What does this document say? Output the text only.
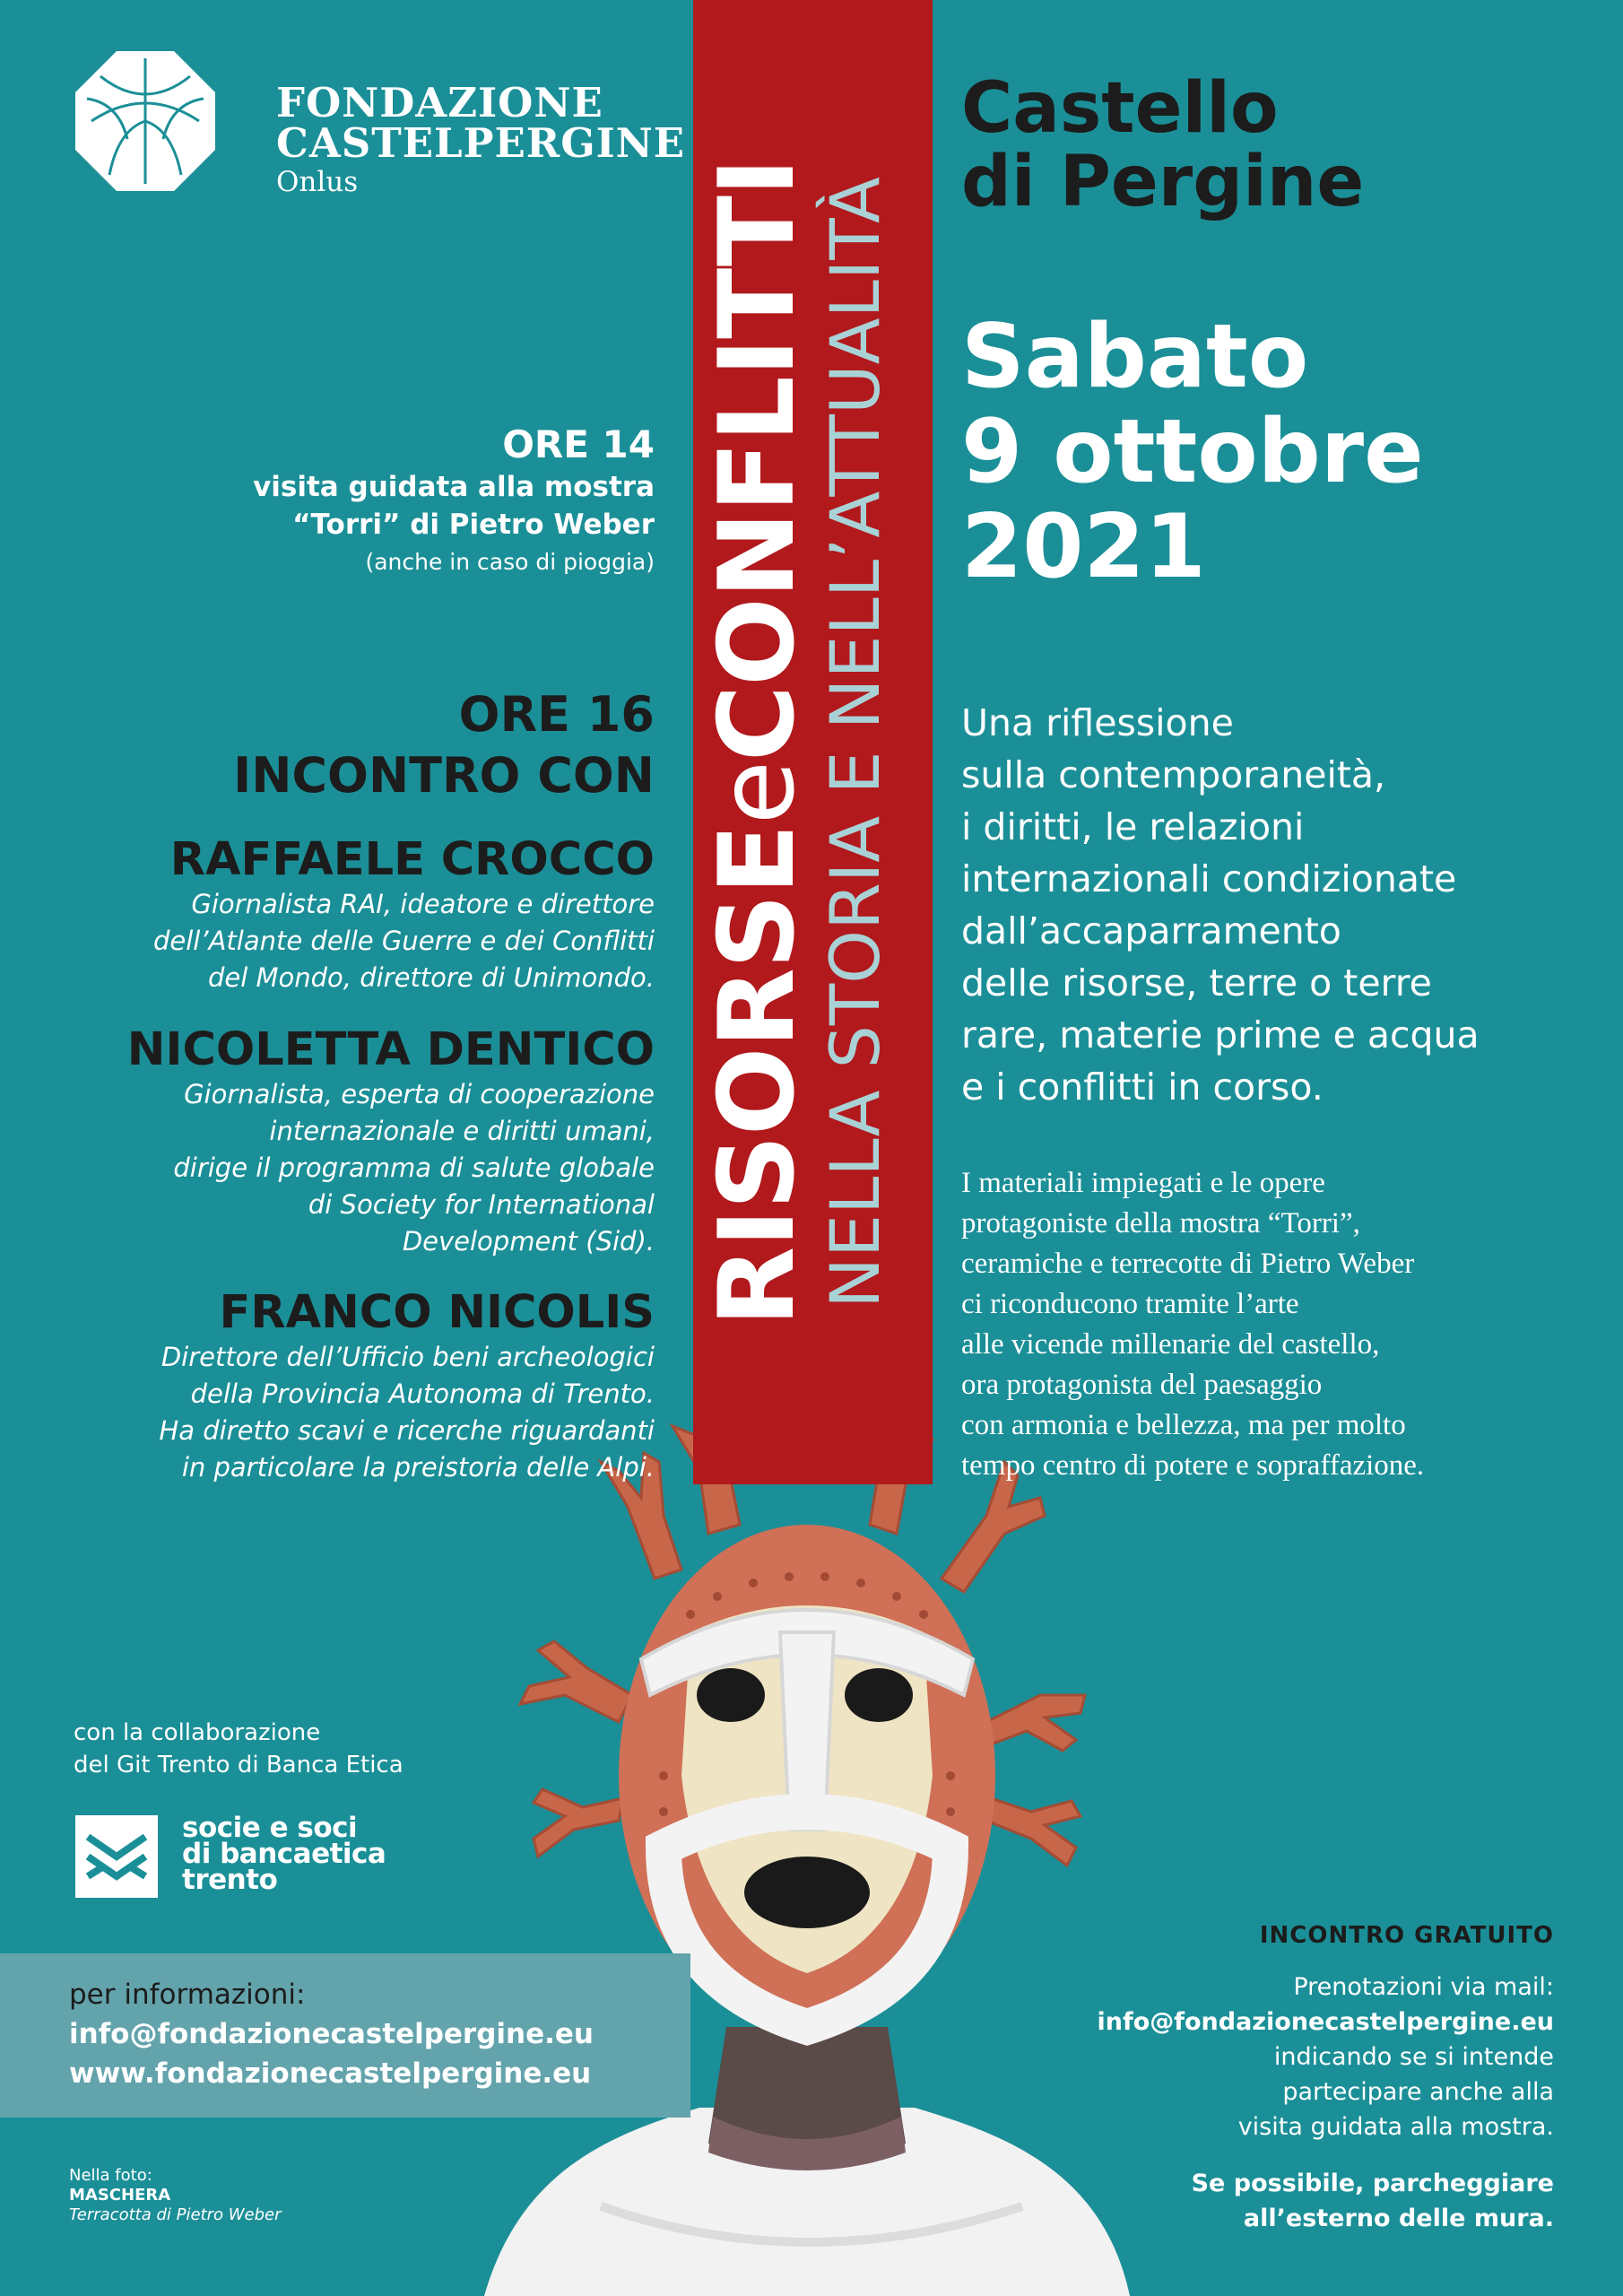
FONDAZIONE
CASTELPERGINE
Onlus
RISORSEeCONFLITTI
NELLA STORIA E NELL’ATTUALITÀ
Castello
di Pergine
Sabato
9 ottobre
2021
Una riflessione
sulla contemporaneità,
i diritti, le relazioni
internazionali condizionate
dall’accaparramento
delle risorse, terre o terre
rare, materie prime e acqua
e i conflitti in corso.
I materiali impiegati e le opere
protagoniste della mostra “Torri”,
ceramiche e terrecotte di Pietro Weber
ci riconducono tramite l’arte
alle vicende millenarie del castello,
ora protagonista del paesaggio
con armonia e bellezza, ma per molto
tempo centro di potere e sopraffazione.
ORE 14
visita guidata alla mostra
“Torri” di Pietro Weber
(anche in caso di pioggia)
ORE 16
INCONTRO CON
RAFFAELE CROCCO
Giornalista RAI, ideatore e direttore
dell’Atlante delle Guerre e dei Conflitti
del Mondo, direttore di Unimondo.
NICOLETTA DENTICO
Giornalista, esperta di cooperazione
internazionale e diritti umani,
dirige il programma di salute globale
di Society for International
Development (Sid).
FRANCO NICOLIS
Direttore dell’Ufficio beni archeologici
della Provincia Autonoma di Trento.
Ha diretto scavi e ricerche riguardanti
in particolare la preistoria delle Alpi.
con la collaborazione
del Git Trento di Banca Etica
socie e soci
di bancaetica
trento
per informazioni:
info@fondazionecastelpergine.eu
www.fondazionecastelpergine.eu
Nella foto:
MASCHERA
Terracotta di Pietro Weber
INCONTRO GRATUITO
Prenotazioni via mail:
info@fondazionecastelpergine.eu
indicando se si intende
partecipare anche alla
visita guidata alla mostra.
Se possibile, parcheggiare
all’esterno delle mura.
